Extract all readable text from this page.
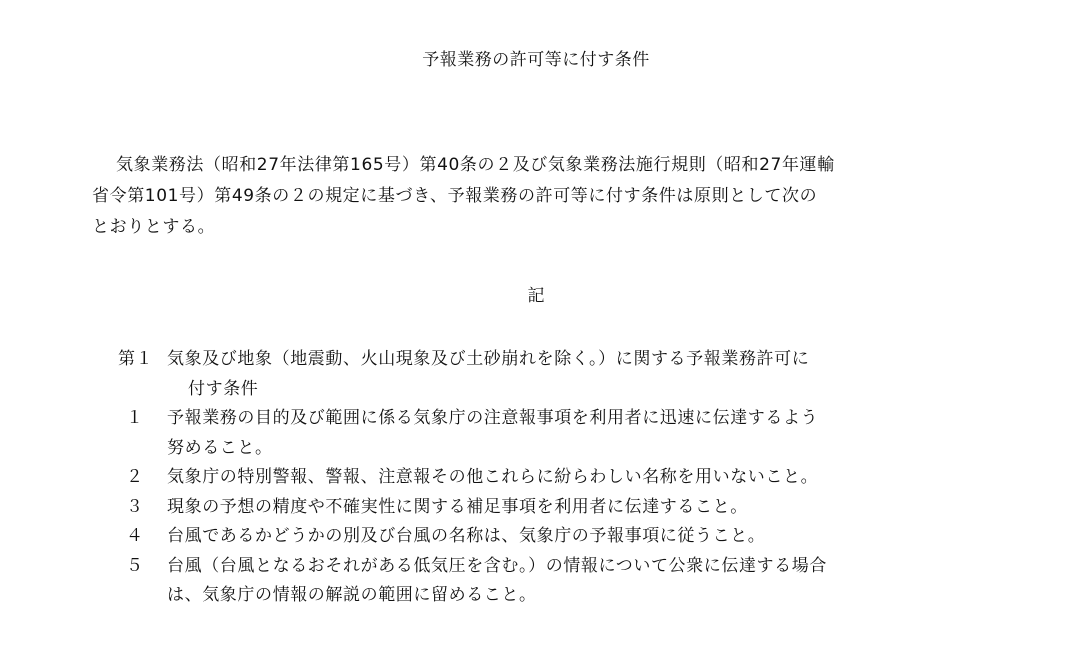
予報業務の許可等に付す条件
気象業務法（昭和27年法律第165号）第40条の２及び気象業務法施行規則（昭和27年運輸
省令第101号）第49条の２の規定に基づき、予報業務の許可等に付す条件は原則として次の
とおりとする。
記
第１ 気象及び地象（地震動、火山現象及び土砂崩れを除く。）に関する予報業務許可に
付す条件
１	予報業務の目的及び範囲に係る気象庁の注意報事項を利用者に迅速に伝達するよう
努めること。
２	気象庁の特別警報、警報、注意報その他これらに紛らわしい名称を用いないこと。
３	現象の予想の精度や不確実性に関する補足事項を利用者に伝達すること。
４	台風であるかどうかの別及び台風の名称は、気象庁の予報事項に従うこと。
５	台風（台風となるおそれがある低気圧を含む。）の情報について公衆に伝達する場合
は、気象庁の情報の解説の範囲に留めること。
